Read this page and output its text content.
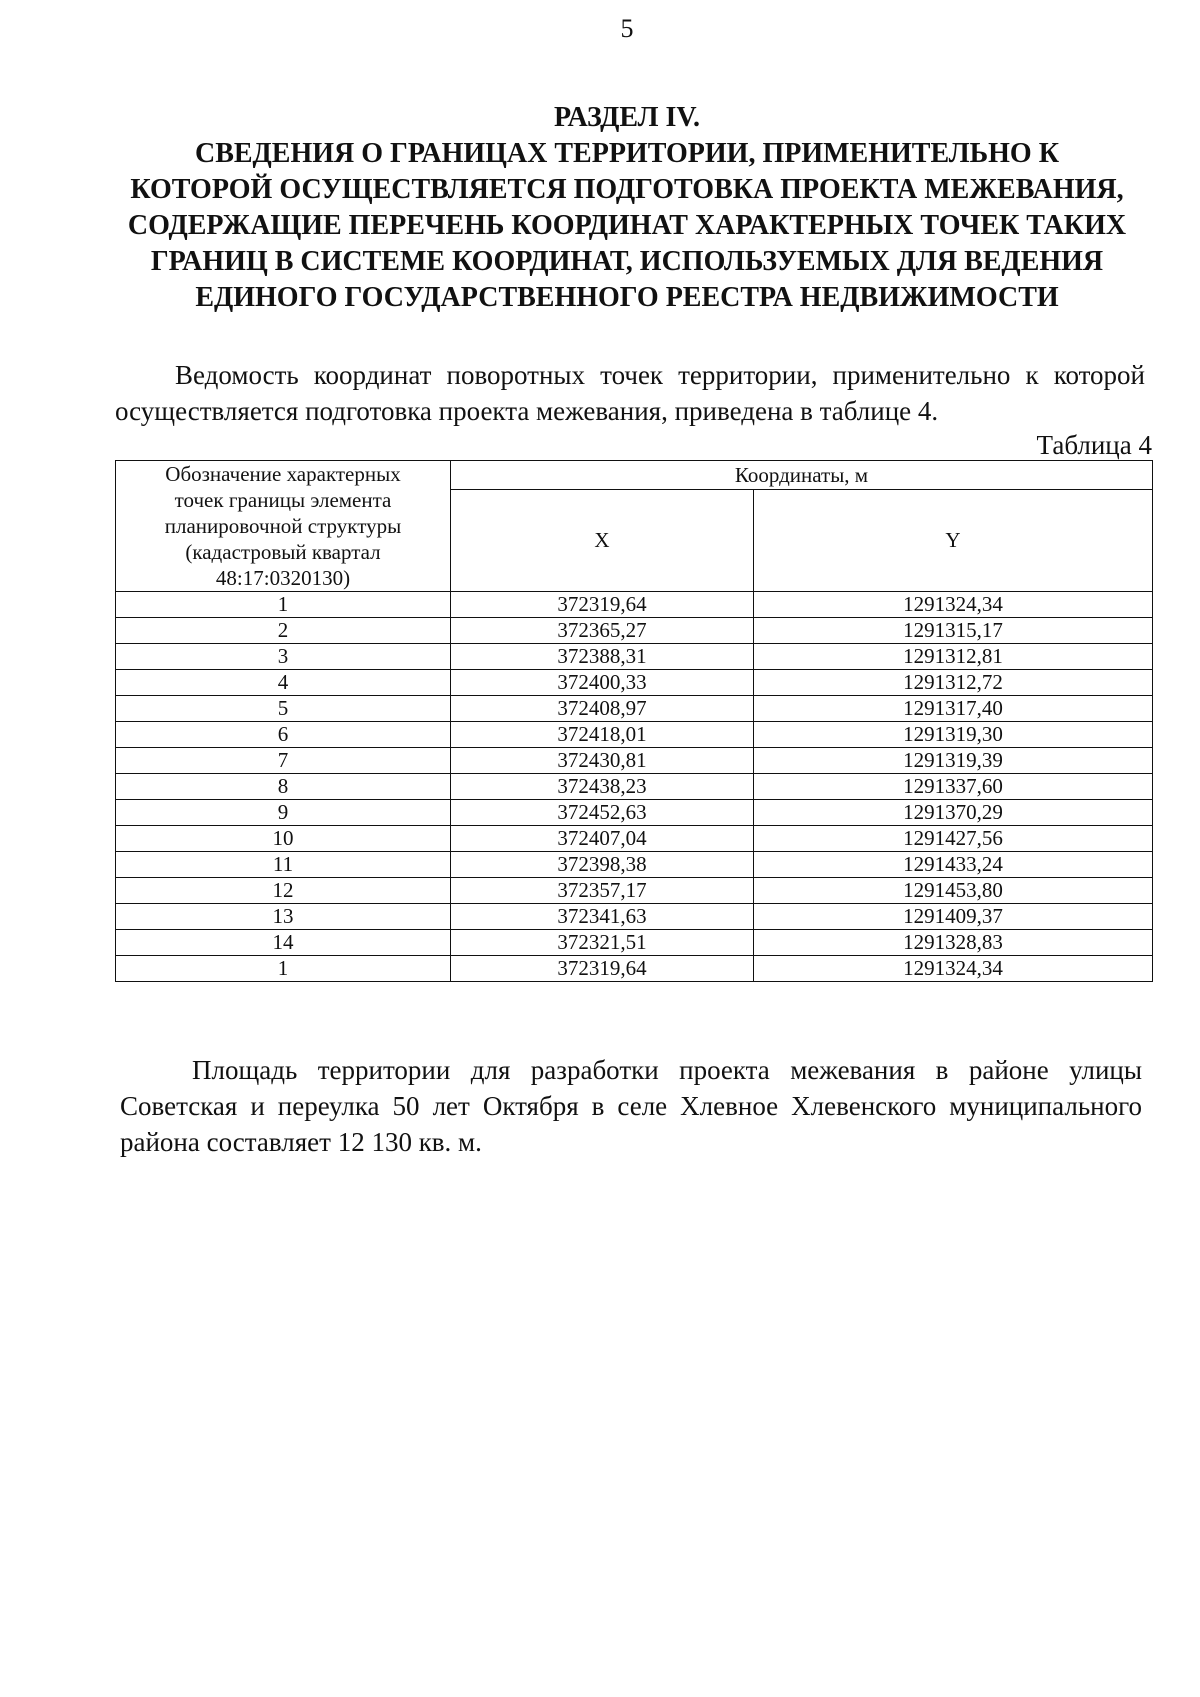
5
РАЗДЕЛ IV.
СВЕДЕНИЯ О ГРАНИЦАХ ТЕРРИТОРИИ, ПРИМЕНИТЕЛЬНО К
КОТОРОЙ ОСУЩЕСТВЛЯЕТСЯ ПОДГОТОВКА ПРОЕКТА МЕЖЕВАНИЯ,
СОДЕРЖАЩИЕ ПЕРЕЧЕНЬ КООРДИНАТ ХАРАКТЕРНЫХ ТОЧЕК ТАКИХ
ГРАНИЦ В СИСТЕМЕ КООРДИНАТ, ИСПОЛЬЗУЕМЫХ ДЛЯ ВЕДЕНИЯ
ЕДИНОГО ГОСУДАРСТВЕННОГО РЕЕСТРА НЕДВИЖИМОСТИ

Ведомость координат поворотных точек территории, применительно к которой осуществляется подготовка проекта межевания, приведена в таблице 4.

Таблица 4
Обозначение характерных
точек границы элемента
планировочной структуры
(кадастровый квартал
48:17:0320130)	Координаты, м	
	X	Y
1	372319,64	1291324,34
2	372365,27	1291315,17
3	372388,31	1291312,81
4	372400,33	1291312,72
5	372408,97	1291317,40
6	372418,01	1291319,30
7	372430,81	1291319,39
8	372438,23	1291337,60
9	372452,63	1291370,29
10	372407,04	1291427,56
11	372398,38	1291433,24
12	372357,17	1291453,80
13	372341,63	1291409,37
14	372321,51	1291328,83
1	372319,64	1291324,34

Площадь территории для разработки проекта межевания в районе улицы Советская и переулка 50 лет Октября в селе Хлевное Хлевенского муниципального района составляет 12 130 кв. м.
